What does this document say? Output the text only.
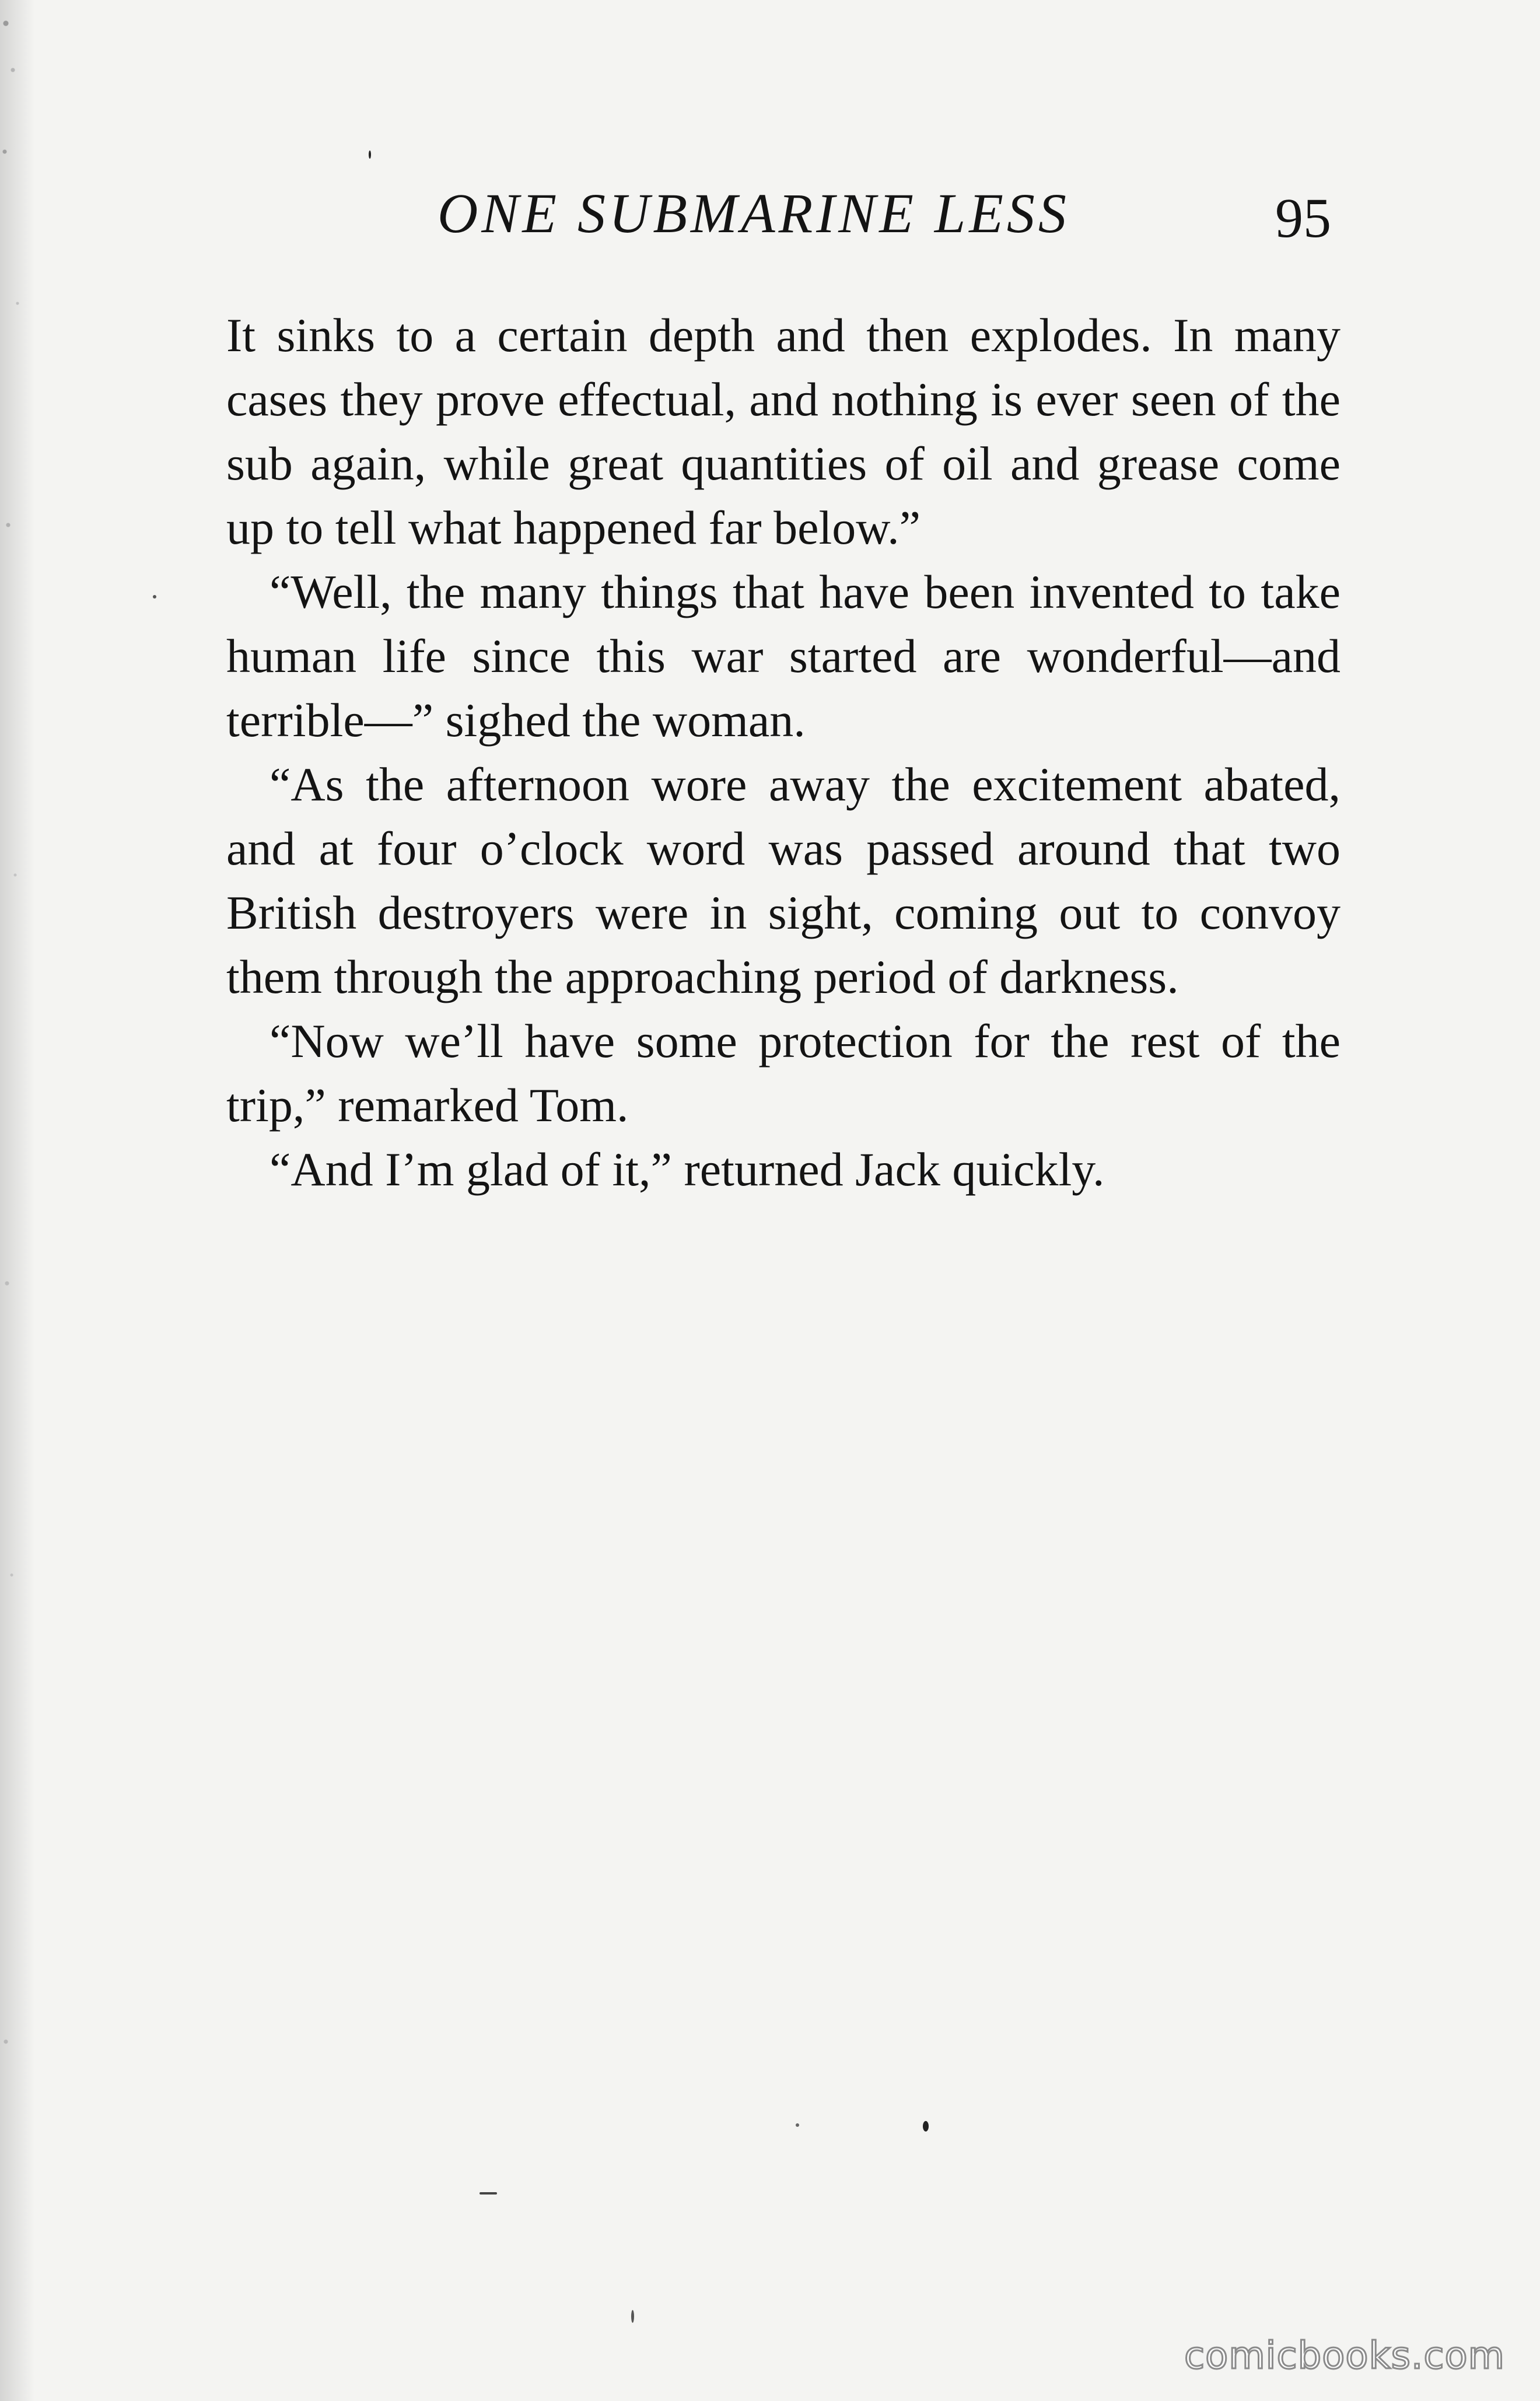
ONE SUBMARINE LESS	95

It sinks to a certain depth and then explodes. In many cases they prove effectual, and nothing is ever seen of the sub again, while great quantities of oil and grease come up to tell what happened far below.”

“Well, the many things that have been invented to take human life since this war started are wonderful—and terrible—” sighed the woman.

“As the afternoon wore away the excitement abated, and at four o’clock word was passed around that two British destroyers were in sight, coming out to convoy them through the approaching period of darkness.

“Now we’ll have some protection for the rest of the trip,” remarked Tom.

“And I’m glad of it,” returned Jack quickly.

comicbooks.com
